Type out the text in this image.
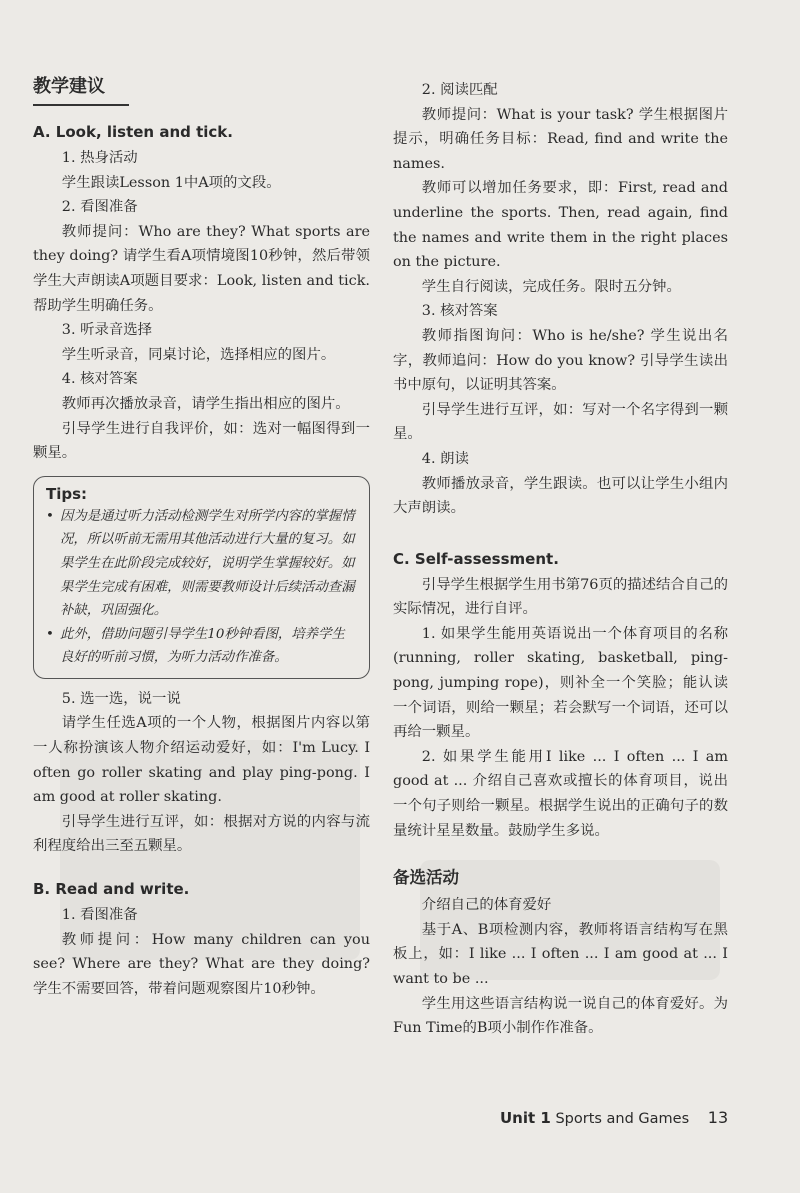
教学建议
A. Look, listen and tick.

1. 热身活动

学生跟读Lesson 1中A项的文段。

2. 看图准备

教师提问：Who are they? What sports are they doing? 请学生看A项情境图10秒钟，然后带领学生大声朗读A项题目要求：Look, listen and tick. 帮助学生明确任务。

3. 听录音选择

学生听录音，同桌讨论，选择相应的图片。

4. 核对答案

教师再次播放录音，请学生指出相应的图片。

引导学生进行自我评价，如：选对一幅图得到一颗星。

Tips:

• 因为是通过听力活动检测学生对所学内容的掌握情况，所以听前无需用其他活动进行大量的复习。如果学生在此阶段完成较好，说明学生掌握较好。如果学生完成有困难，则需要教师设计后续活动查漏补缺，巩固强化。

• 此外，借助问题引导学生10秒钟看图，培养学生良好的听前习惯，为听力活动作准备。

5. 选一选，说一说

请学生任选A项的一个人物，根据图片内容以第一人称扮演该人物介绍运动爱好，如：I'm Lucy. I often go roller skating and play ping-pong. I am good at roller skating.

引导学生进行互评，如：根据对方说的内容与流利程度给出三至五颗星。

B. Read and write.

1. 看图准备

教师提问：How many children can you see? Where are they? What are they doing? 学生不需要回答，带着问题观察图片10秒钟。

2. 阅读匹配

教师提问：What is your task? 学生根据图片提示，明确任务目标：Read, find and write the names.

教师可以增加任务要求，即：First, read and underline the sports. Then, read again, find the names and write them in the right places on the picture.

学生自行阅读，完成任务。限时五分钟。

3. 核对答案

教师指图询问：Who is he/she? 学生说出名字，教师追问：How do you know? 引导学生读出书中原句，以证明其答案。

引导学生进行互评，如：写对一个名字得到一颗星。

4. 朗读

教师播放录音，学生跟读。也可以让学生小组内大声朗读。

C. Self-assessment.

引导学生根据学生用书第76页的描述结合自己的实际情况，进行自评。

1. 如果学生能用英语说出一个体育项目的名称 (running, roller skating, basketball, ping-pong, jumping rope)，则补全一个笑脸；能认读一个词语，则给一颗星；若会默写一个词语，还可以再给一颗星。

2. 如果学生能用I like ... I often ... I am good at ... 介绍自己喜欢或擅长的体育项目，说出一个句子则给一颗星。根据学生说出的正确句子的数量统计星星数量。鼓励学生多说。

备选活动

介绍自己的体育爱好

基于A、B项检测内容，教师将语言结构写在黑板上，如：I like ... I often ... I am good at ... I want to be ...

学生用这些语言结构说一说自己的体育爱好。为Fun Time的B项小制作作准备。

Unit 1 Sports and Games 13
